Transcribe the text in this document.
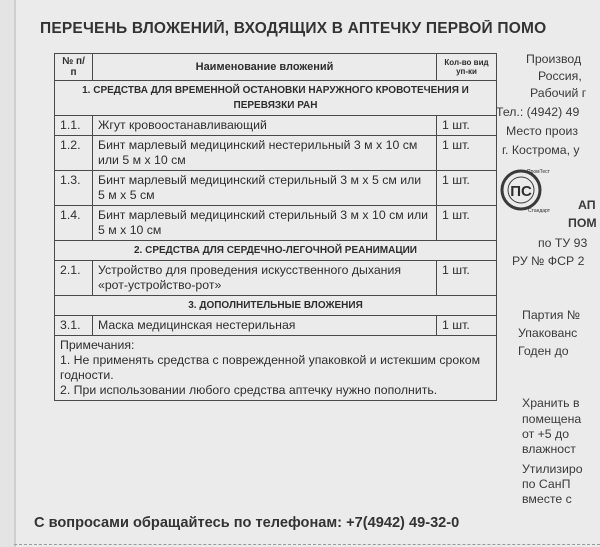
ПЕРЕЧЕНЬ ВЛОЖЕНИЙ, ВХОДЯЩИХ В АПТЕЧКУ ПЕРВОЙ ПОМО
№ п/п	Наименование вложений	Кол-во вид уп-ки
1. СРЕДСТВА ДЛЯ ВРЕМЕННОЙ ОСТАНОВКИ НАРУЖНОГО КРОВОТЕЧЕНИЯ И ПЕРЕВЯЗКИ РАН		
1.1.	Жгут кровоостанавливающий	1 шт.
1.2.	Бинт марлевый медицинский нестерильный 3 м х 10 см или 5 м х 10 см	1 шт.
1.3.	Бинт марлевый медицинский стерильный 3 м х 5 см или 5 м х 5 см	1 шт.
1.4.	Бинт марлевый медицинский стерильный 3 м х 10 см или 5 м х 10 см	1 шт.
2. СРЕДСТВА ДЛЯ СЕРДЕЧНО-ЛЕГОЧНОЙ РЕАНИМАЦИИ		
2.1.	Устройство для проведения искусственного дыхания «рот-устройство-рот»	1 шт.
3. ДОПОЛНИТЕЛЬНЫЕ ВЛОЖЕНИЯ		
3.1.	Маска медицинская нестерильная	1 шт.

Примечания:
1. Не применять средства с поврежденной упаковкой и истекшим сроком годности.
2. При использовании любого средства аптечку нужно пополнить.		
Производ
Россия,
Рабочий г
Тел.: (4942) 49
Место произ
г. Кострома, у
ПС
ПромТест
Стандарт АП
ПОМ
по ТУ 93
РУ № ФСР 2
Партия №
Упакованс
Годен до
Хранить в
помещена
от +5 до
влажност
Утилизиро
по СанП
вместе с
С вопросами обращайтесь по телефонам: +7(4942) 49-32-0
